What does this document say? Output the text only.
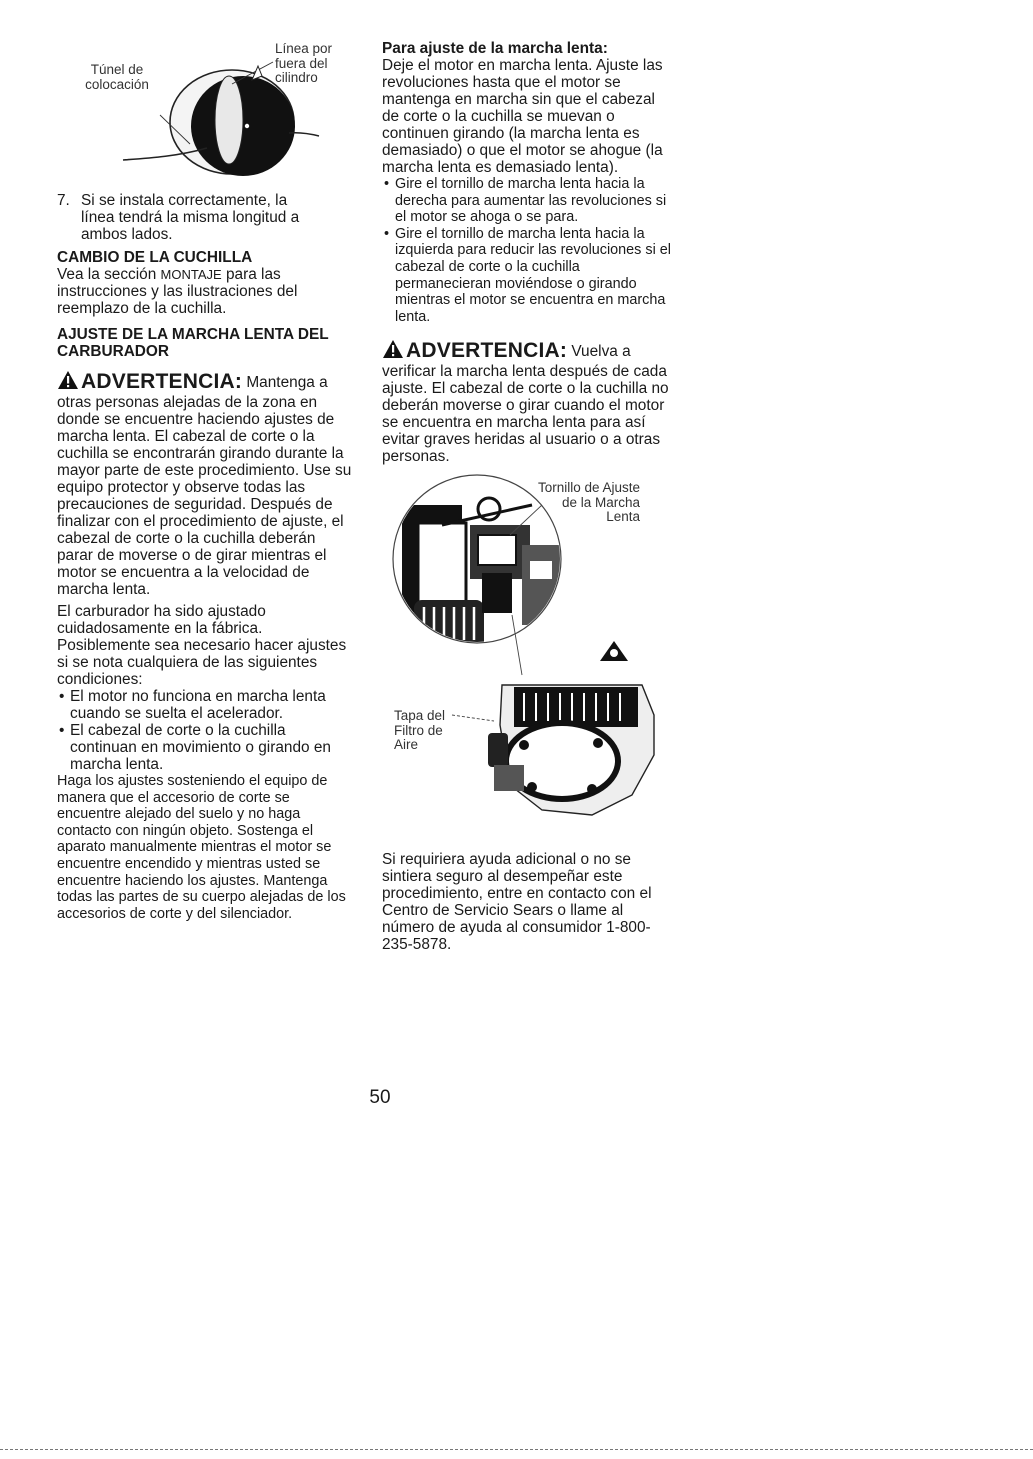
Túnel de colocación
Línea por fuera del cilindro
7. Si se instala correctamente, la línea tendrá la misma longitud a ambos lados.

CAMBIO DE LA CUCHILLA

Vea la sección MONTAJE para las instrucciones y las ilustraciones del reemplazo de la cuchilla.

AJUSTE DE LA MARCHA LENTA DEL CARBURADOR

ADVERTENCIA: Mantenga a otras personas alejadas de la zona en donde se encuentre haciendo ajustes de marcha lenta. El cabezal de corte o la cuchilla se encontrarán girando durante la mayor parte de este procedimiento. Use su equipo protector y observe todas las precauciones de seguridad. Después de finalizar con el procedimiento de ajuste, el cabezal de corte o la cuchilla deberán parar de moverse o de girar mientras el motor se encuentra a la velocidad de marcha lenta.

El carburador ha sido ajustado cuidadosamente en la fábrica. Posiblemente sea necesario hacer ajustes si se nota cualquiera de las siguientes condiciones:

• El motor no funciona en marcha lenta cuando se suelta el acelerador.
• El cabezal de corte o la cuchilla continuan en movimiento o girando en marcha lenta.

Haga los ajustes sosteniendo el equipo de manera que el accesorio de corte se encuentre alejado del suelo y no haga contacto con ningún objeto. Sostenga el aparato manualmente mientras el motor se encuentre encendido y mientras usted se encuentre haciendo los ajustes. Mantenga todas las partes de su cuerpo alejadas de los accesorios de corte y del silenciador.

Para ajuste de la marcha lenta:

Deje el motor en marcha lenta. Ajuste las revoluciones hasta que el motor se mantenga en marcha sin que el cabezal de corte o la cuchilla se muevan o continuen girando (la marcha lenta es demasiado) o que el motor se ahogue (la marcha lenta es demasiado lenta).

• Gire el tornillo de marcha lenta hacia la derecha para aumentar las revoluciones si el motor se ahoga o se para.
• Gire el tornillo de marcha lenta hacia la izquierda para reducir las revoluciones si el cabezal de corte o la cuchilla permanecieran moviéndose o girando mientras el motor se encuentra en marcha lenta.

ADVERTENCIA: Vuelva a verificar la marcha lenta después de cada ajuste. El cabezal de corte o la cuchilla no deberán moverse o girar cuando el motor se encuentra en marcha lenta para así evitar graves heridas al usuario o a otras personas.

Tornillo de Ajuste de la Marcha Lenta
Tapa del Filtro de Aire

Si requiriera ayuda adicional o no se sintiera seguro al desempeñar este procedimiento, entre en contacto con el Centro de Servicio Sears o llame al número de ayuda al consumidor 1-800-235-5878.

50
